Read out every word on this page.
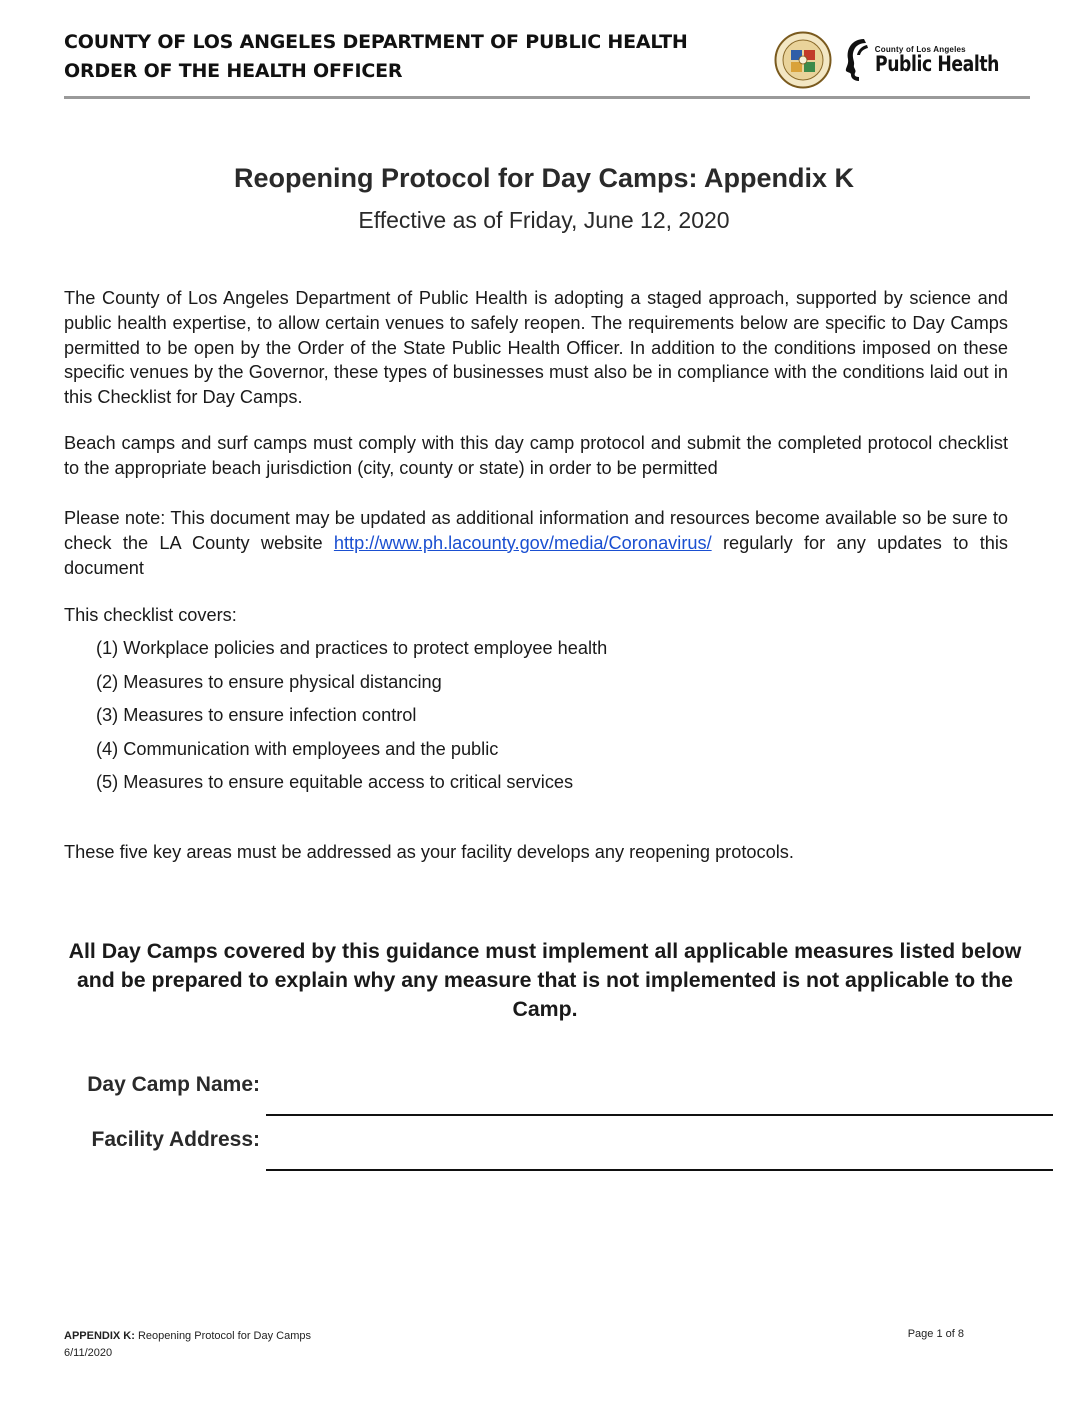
COUNTY OF LOS ANGELES DEPARTMENT OF PUBLIC HEALTH
ORDER OF THE HEALTH OFFICER
County of Los Angeles
Public Health
Reopening Protocol for Day Camps: Appendix K

Effective as of Friday, June 12, 2020

The County of Los Angeles Department of Public Health is adopting a staged approach, supported by science and public health expertise, to allow certain venues to safely reopen. The requirements below are specific to Day Camps permitted to be open by the Order of the State Public Health Officer. In addition to the conditions imposed on these specific venues by the Governor, these types of businesses must also be in compliance with the conditions laid out in this Checklist for Day Camps.

Beach camps and surf camps must comply with this day camp protocol and submit the completed protocol checklist to the appropriate beach jurisdiction (city, county or state) in order to be permitted

Please note: This document may be updated as additional information and resources become available so be sure to check the LA County website http://www.ph.lacounty.gov/media/Coronavirus/ regularly for any updates to this document

This checklist covers:

(1) Workplace policies and practices to protect employee health
(2) Measures to ensure physical distancing
(3) Measures to ensure infection control
(4) Communication with employees and the public
(5) Measures to ensure equitable access to critical services

These five key areas must be addressed as your facility develops any reopening protocols.

All Day Camps covered by this guidance must implement all applicable measures listed below and be prepared to explain why any measure that is not implemented is not applicable to the Camp.

Day Camp Name:
Facility Address:
APPENDIX K: Reopening Protocol for Day Camps
6/11/2020
Page 1 of 8
